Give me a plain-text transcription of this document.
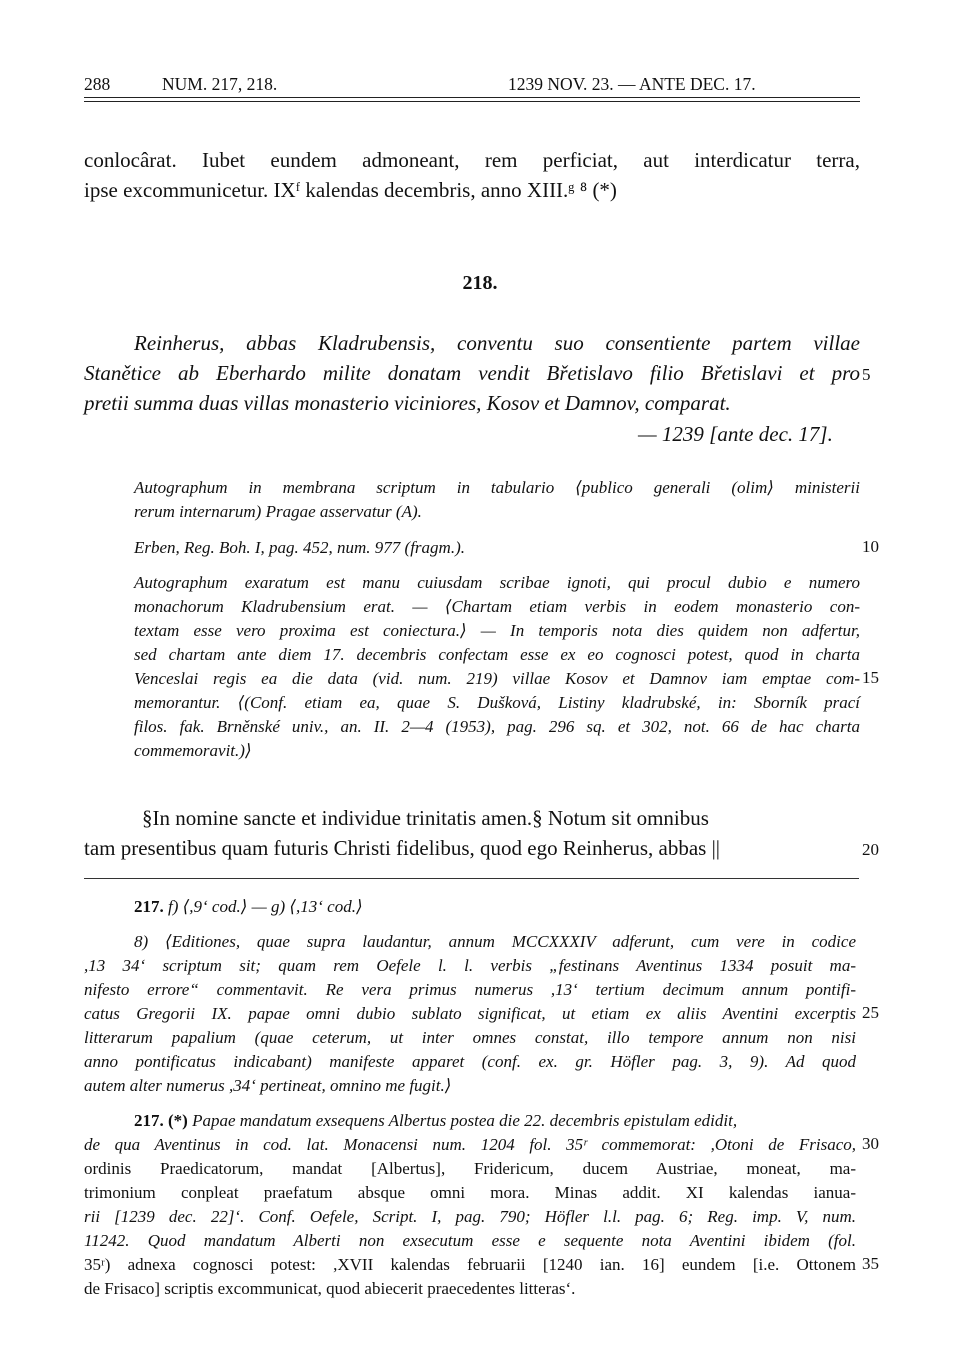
288	NUM. 217, 218.	1239 NOV. 23. — ANTE DEC. 17.
conlocârat. Iubet eundem admoneant, rem perficiat, aut interdicatur terra,
ipse excommunicetur. IXᶠ kalendas decembris, anno XIII.ᵍ ⁸ (*)
218.
Reinherus, abbas Kladrubensis, conventu suo consentiente partem villae
Stanětice ab Eberhardo milite donatam vendit Břetislavo filio Břetislavi et pro
pretii summa duas villas monasterio viciniores, Kosov et Damnov, comparat.
— 1239 [ante dec. 17].
5
Autographum in membrana scriptum in tabulario ⟨publico generali (olim⟩ ministerii
rerum internarum) Pragae asservatur (A).
Erben, Reg. Boh. I, pag. 452, num. 977 (fragm.).	10
Autographum exaratum est manu cuiusdam scribae ignoti, qui procul dubio e numero
monachorum Kladrubensium erat. — ⟨Chartam etiam verbis in eodem monasterio con-
textam esse vero proxima est coniectura.⟩ — In temporis nota dies quidem non adfertur,
sed chartam ante diem 17. decembris confectam esse ex eo cognosci potest, quod in charta
Venceslai regis ea die data (vid. num. 219) villae Kosov et Damnov iam emptae com- 15
memorantur. ⟨(Conf. etiam ea, quae S. Dušková, Listiny kladrubské, in: Sborník prací
filos. fak. Brněnské univ., an. II. 2—4 (1953), pag. 296 sq. et 302, not. 66 de hac charta
commemoravit.)⟩
§In nomine sancte et individue trinitatis amen.§ Notum sit omnibus
tam presentibus quam futuris Christi fidelibus, quod ego Reinherus, abbas ||	20
217. f) ⟨,9‘ cod.⟩ — g) ⟨,13‘ cod.⟩
8) ⟨Editiones, quae supra laudantur, annum MCCXXXIV adferunt, cum vere in codice
,13 34‘ scriptum sit; quam rem Oefele l. l. verbis „festinans Aventinus 1334 posuit ma-
nifesto errore“ commentavit. Re vera primus numerus ,13‘ tertium decimum annum pontifi-
catus Gregorii IX. papae omni dubio sublato significat, ut etiam ex aliis Aventini excerptis 25
litterarum papalium (quae ceterum, ut inter omnes constat, illo tempore annum non nisi
anno pontificatus indicabant) manifeste apparet (conf. ex. gr. Höfler pag. 3, 9). Ad quod
autem alter numerus ,34‘ pertineat, omnino me fugit.⟩
217. (*) Papae mandatum exsequens Albertus postea die 22. decembris epistulam edidit,
de qua Aventinus in cod. lat. Monacensi num. 1204 fol. 35ʳ commemorat: ,Otoni de Frisaco, 30
ordinis Praedicatorum, mandat [Albertus], Fridericum, ducem Austriae, moneat, ma-
trimonium conpleat praefatum absque omni mora. Minas addit. XI kalendas ianua-
rii [1239 dec. 22]‘. Conf. Oefele, Script. I, pag. 790; Höfler l.l. pag. 6; Reg. imp. V, num.
11242. Quod mandatum Alberti non exsecutum esse e sequente nota Aventini ibidem (fol.
35ʳ) adnexa cognosci potest: ,XVII kalendas februarii [1240 ian. 16] eundem [i.e. Ottonem 35
de Frisaco] scriptis excommunicat, quod abiecerit praecedentes litteras‘.
